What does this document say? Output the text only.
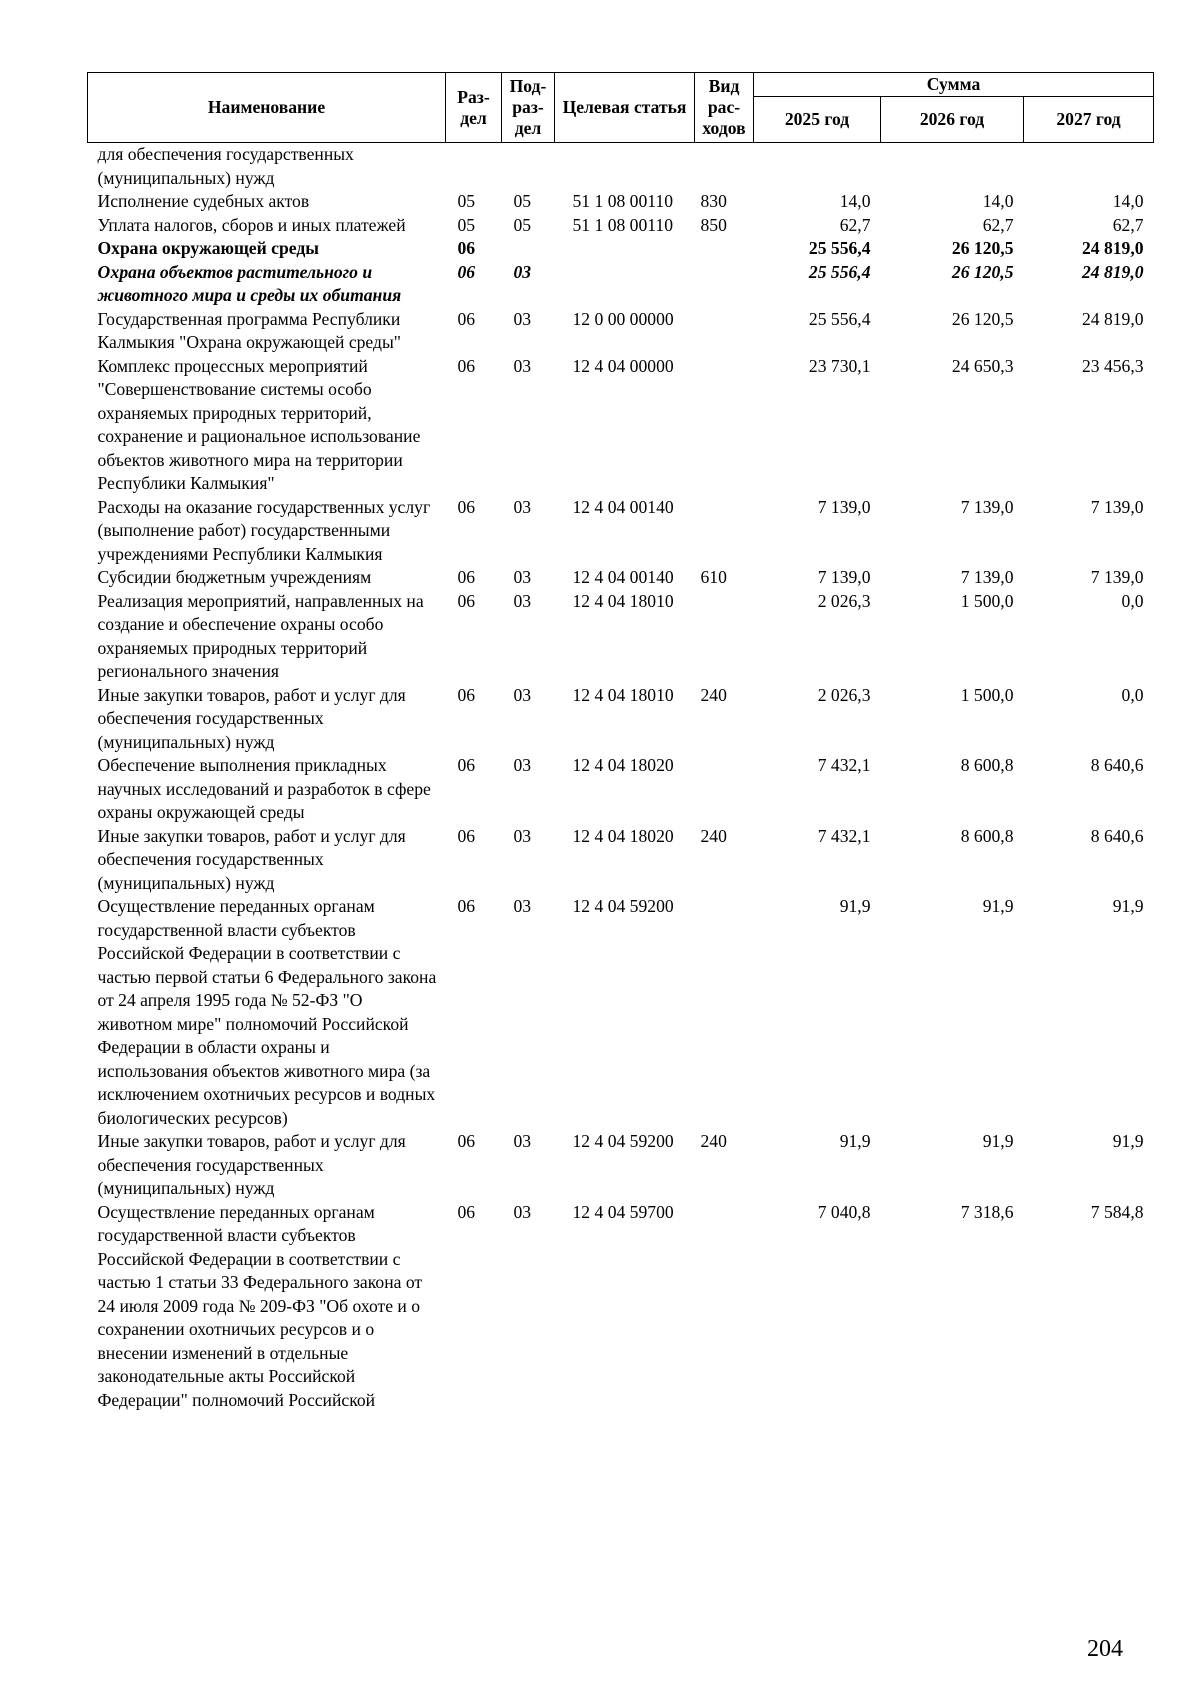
Наименование	Раз- дел	Под- раз- дел	Целевая статья	Вид рас- ходов	Сумма		
					2025 год	2026 год	2027 год
для обеспечения государственных (муниципальных) нужд							
Исполнение судебных актов	05	05	51 1 08 00110	830	14,0	14,0	14,0
Уплата налогов, сборов и иных платежей	05	05	51 1 08 00110	850	62,7	62,7	62,7
Охрана окружающей среды	06				25 556,4	26 120,5	24 819,0
Охрана объектов растительного и животного мира и среды их обитания	06	03			25 556,4	26 120,5	24 819,0
Государственная программа Республики Калмыкия "Охрана окружающей среды"	06	03	12 0 00 00000		25 556,4	26 120,5	24 819,0
Комплекс процессных мероприятий "Совершенствование системы особо охраняемых природных территорий, сохранение и рациональное использование объектов животного мира на территории Республики Калмыкия"	06	03	12 4 04 00000		23 730,1	24 650,3	23 456,3
Расходы на оказание государственных услуг (выполнение работ) государственными учреждениями Республики Калмыкия	06	03	12 4 04 00140		7 139,0	7 139,0	7 139,0
Субсидии бюджетным учреждениям	06	03	12 4 04 00140	610	7 139,0	7 139,0	7 139,0
Реализация мероприятий, направленных на создание и обеспечение охраны особо охраняемых природных территорий регионального значения	06	03	12 4 04 18010		2 026,3	1 500,0	0,0
Иные закупки товаров, работ и услуг для обеспечения государственных (муниципальных) нужд	06	03	12 4 04 18010	240	2 026,3	1 500,0	0,0
Обеспечение выполнения прикладных научных исследований и разработок в сфере охраны окружающей среды	06	03	12 4 04 18020		7 432,1	8 600,8	8 640,6
Иные закупки товаров, работ и услуг для обеспечения государственных (муниципальных) нужд	06	03	12 4 04 18020	240	7 432,1	8 600,8	8 640,6
Осуществление переданных органам государственной власти субъектов Российской Федерации в соответствии с частью первой статьи 6 Федерального закона от 24 апреля 1995 года № 52-ФЗ "О животном мире" полномочий Российской Федерации в области охраны и использования объектов животного мира (за исключением охотничьих ресурсов и водных биологических ресурсов)	06	03	12 4 04 59200		91,9	91,9	91,9
Иные закупки товаров, работ и услуг для обеспечения государственных (муниципальных) нужд	06	03	12 4 04 59200	240	91,9	91,9	91,9
Осуществление переданных органам государственной власти субъектов Российской Федерации в соответствии с частью 1 статьи 33 Федерального закона от 24 июля 2009 года № 209-ФЗ "Об охоте и о сохранении охотничьих ресурсов и о внесении изменений в отдельные законодательные акты Российской Федерации" полномочий Российской	06	03	12 4 04 59700		7 040,8	7 318,6	7 584,8
204
